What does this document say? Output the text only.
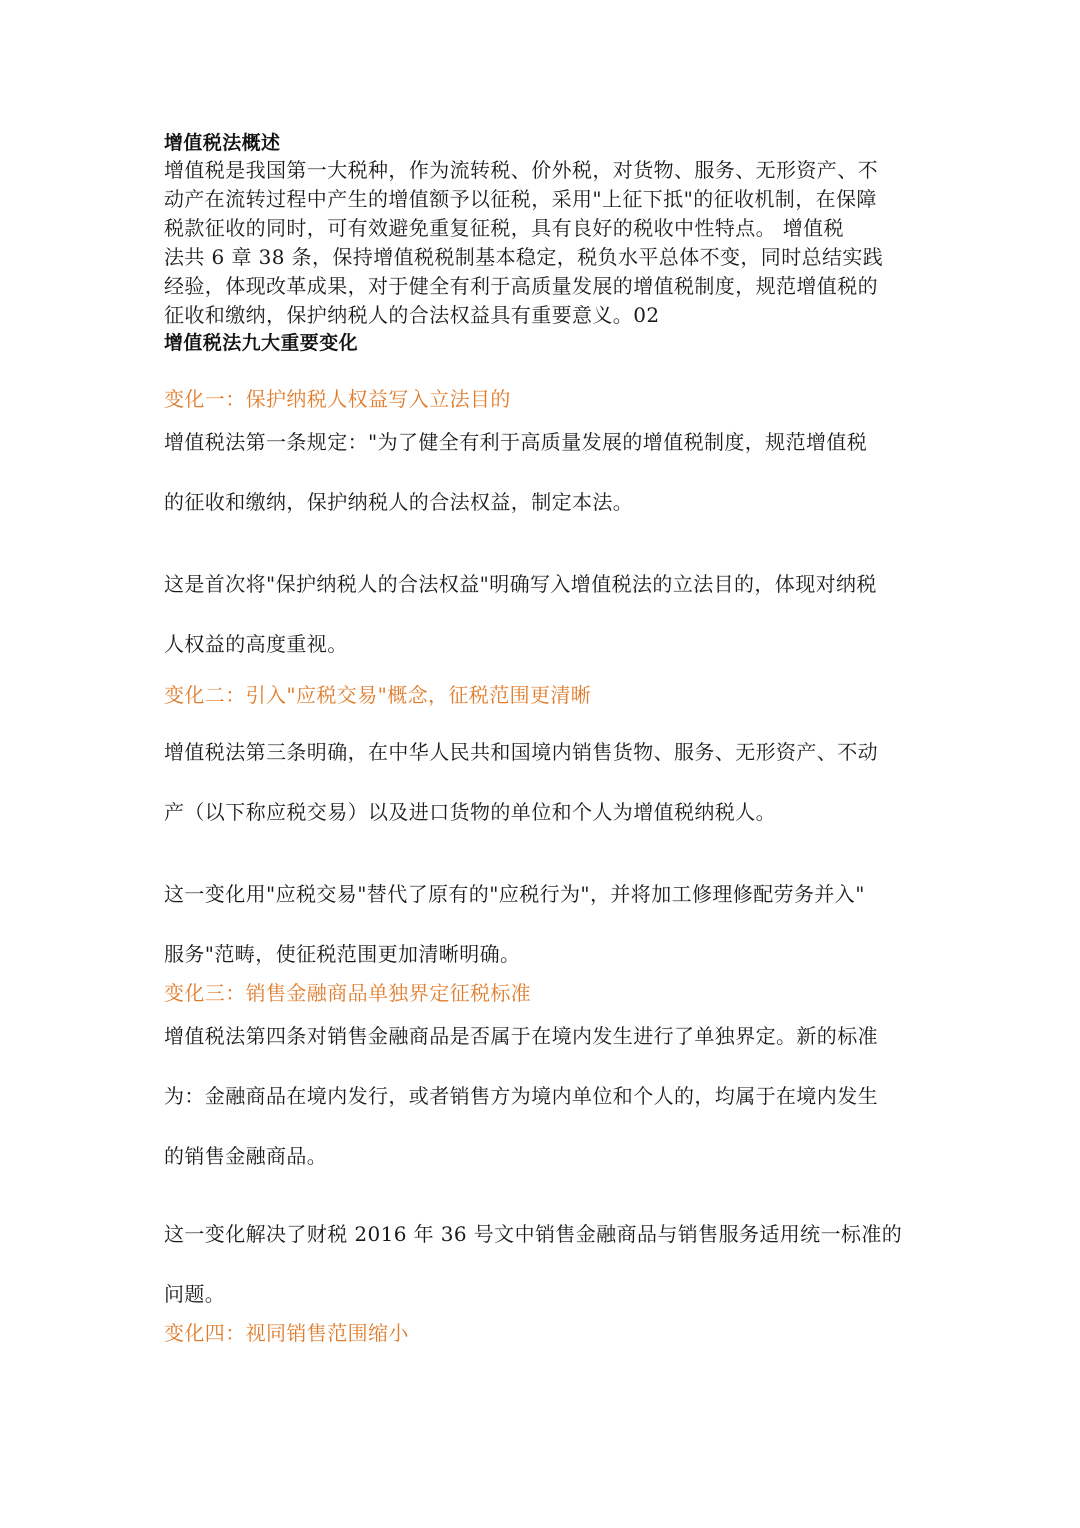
增值税法概述
增值税是我国第一大税种，作为流转税、价外税，对货物、服务、无形资产、不
动产在流转过程中产生的增值额予以征税，采用"上征下抵"的征收机制，在保障
税款征收的同时，可有效避免重复征税，具有良好的税收中性特点。 增值税
法共 6 章 38 条，保持增值税税制基本稳定，税负水平总体不变，同时总结实践
经验，体现改革成果，对于健全有利于高质量发展的增值税制度，规范增值税的
征收和缴纳，保护纳税人的合法权益具有重要意义。02
增值税法九大重要变化
变化一：保护纳税人权益写入立法目的
增值税法第一条规定："为了健全有利于高质量发展的增值税制度，规范增值税
的征收和缴纳，保护纳税人的合法权益，制定本法。
这是首次将"保护纳税人的合法权益"明确写入增值税法的立法目的，体现对纳税
人权益的高度重视。
变化二：引入"应税交易"概念，征税范围更清晰
增值税法第三条明确，在中华人民共和国境内销售货物、服务、无形资产、不动
产（以下称应税交易）以及进口货物的单位和个人为增值税纳税人。
这一变化用"应税交易"替代了原有的"应税行为"，并将加工修理修配劳务并入"
服务"范畴，使征税范围更加清晰明确。
变化三：销售金融商品单独界定征税标准
增值税法第四条对销售金融商品是否属于在境内发生进行了单独界定。新的标准
为：金融商品在境内发行，或者销售方为境内单位和个人的，均属于在境内发生
的销售金融商品。
这一变化解决了财税 2016 年 36 号文中销售金融商品与销售服务适用统一标准的
问题。
变化四：视同销售范围缩小
